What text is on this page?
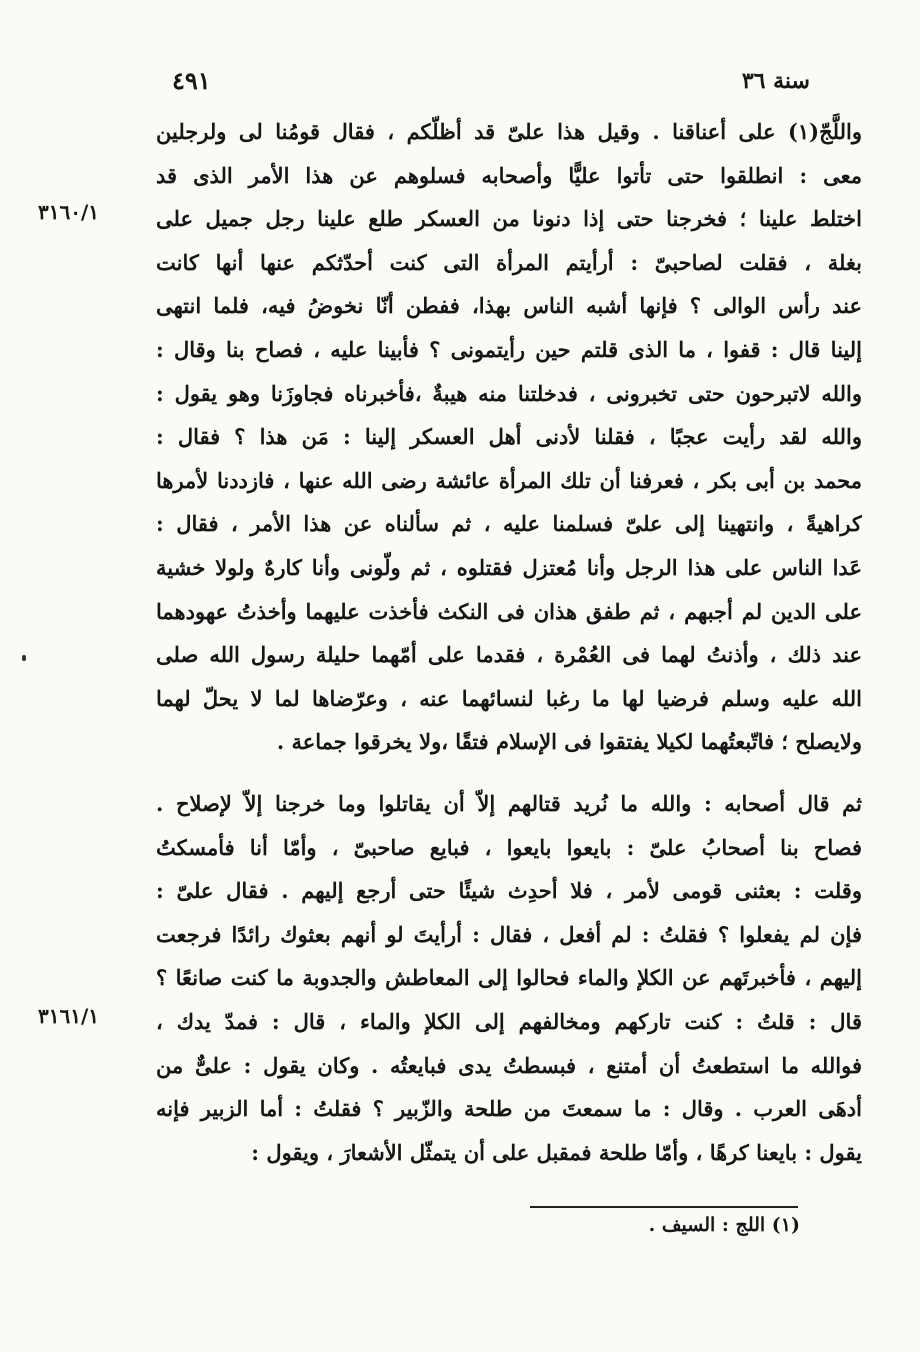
٤٩١	سنة ٣٦
٣١٦٠/١
٣١٦١/١
واللَّجّ(١) على أعناقنا . وقيل هذا علىّ قد أظلّكم ، فقال قومُنا لى ولرجلين
معى : انطلقوا حتى تأتوا عليًّا وأصحابه فسلوهم عن هذا الأمر الذى قد
اختلط علينا ؛ فخرجنا حتى إذا دنونا من العسكر طلع علينا رجل جميل على
بغلة ، فقلت لصاحبىّ : أرأيتم المرأة التى كنت أحدّثكم عنها أنها كانت
عند رأس الوالى ؟ فإنها أشبه الناس بهذا، ففطن أنّا نخوضُ فيه، فلما انتهى
إلينا قال : قفوا ، ما الذى قلتم حين رأيتمونى ؟ فأبينا عليه ، فصاح بنا وقال :
والله لاتبرحون حتى تخبرونى ، فدخلتنا منه هيبةٌ ،فأخبرناه فجاوزَنا وهو يقول :
والله لقد رأيت عجبًا ، فقلنا لأدنى أهل العسكر إلينا : مَن هذا ؟ فقال :
محمد بن أبى بكر ، فعرفنا أن تلك المرأة عائشة رضى الله عنها ، فازددنا لأمرها
كراهيةً ، وانتهينا إلى علىّ فسلمنا عليه ، ثم سألناه عن هذا الأمر ، فقال :
عَدا الناس على هذا الرجل وأنا مُعتزل فقتلوه ، ثم ولّونى وأنا كارهٌ ولولا خشية
على الدين لم أجبهم ، ثم طفق هذان فى النكث فأخذت عليهما وأخذتُ عهودهما
عند ذلك ، وأذنتُ لهما فى العُمْرة ، فقدما على أمّهما حليلة رسول الله صلى
الله عليه وسلم فرضيا لها ما رغبا لنسائهما عنه ، وعرّضاها لما لا يحلّ لهما
ولايصلح ؛ فاتّبعتُهما لكيلا يفتقوا فى الإسلام فتقًا ،ولا يخرقوا جماعة .
ثم قال أصحابه : والله ما نُريد قتالهم إلاّ أن يقاتلوا وما خرجنا إلاّ لإصلاح .
فصاح بنا أصحابُ علىّ : بايعوا بايعوا ، فبايع صاحبىّ ، وأمّا أنا فأمسكتُ
وقلت : بعثنى قومى لأمر ، فلا أحدِث شيئًا حتى أرجع إليهم . فقال علىّ :
فإن لم يفعلوا ؟ فقلتُ : لم أفعل ، فقال : أرأيتَ لو أنهم بعثوك رائدًا فرجعت
إليهم ، فأخبرتَهم عن الكلإ والماء فحالوا إلى المعاطش والجدوبة ما كنت صانعًا ؟
قال : قلتُ : كنت تاركهم ومخالفهم إلى الكلإ والماء ، قال : فمدّ يدك ،
فوالله ما استطعتُ أن أمتنع ، فبسطتُ يدى فبايعتُه . وكان يقول : علىٌّ من
أدهَى العرب . وقال : ما سمعتَ من طلحة والزّبير ؟ فقلتُ : أما الزبير فإنه
يقول : بايعنا كرهًا ، وأمّا طلحة فمقبل على أن يتمثّل الأشعارَ ، ويقول :
(١) اللج : السيف .
